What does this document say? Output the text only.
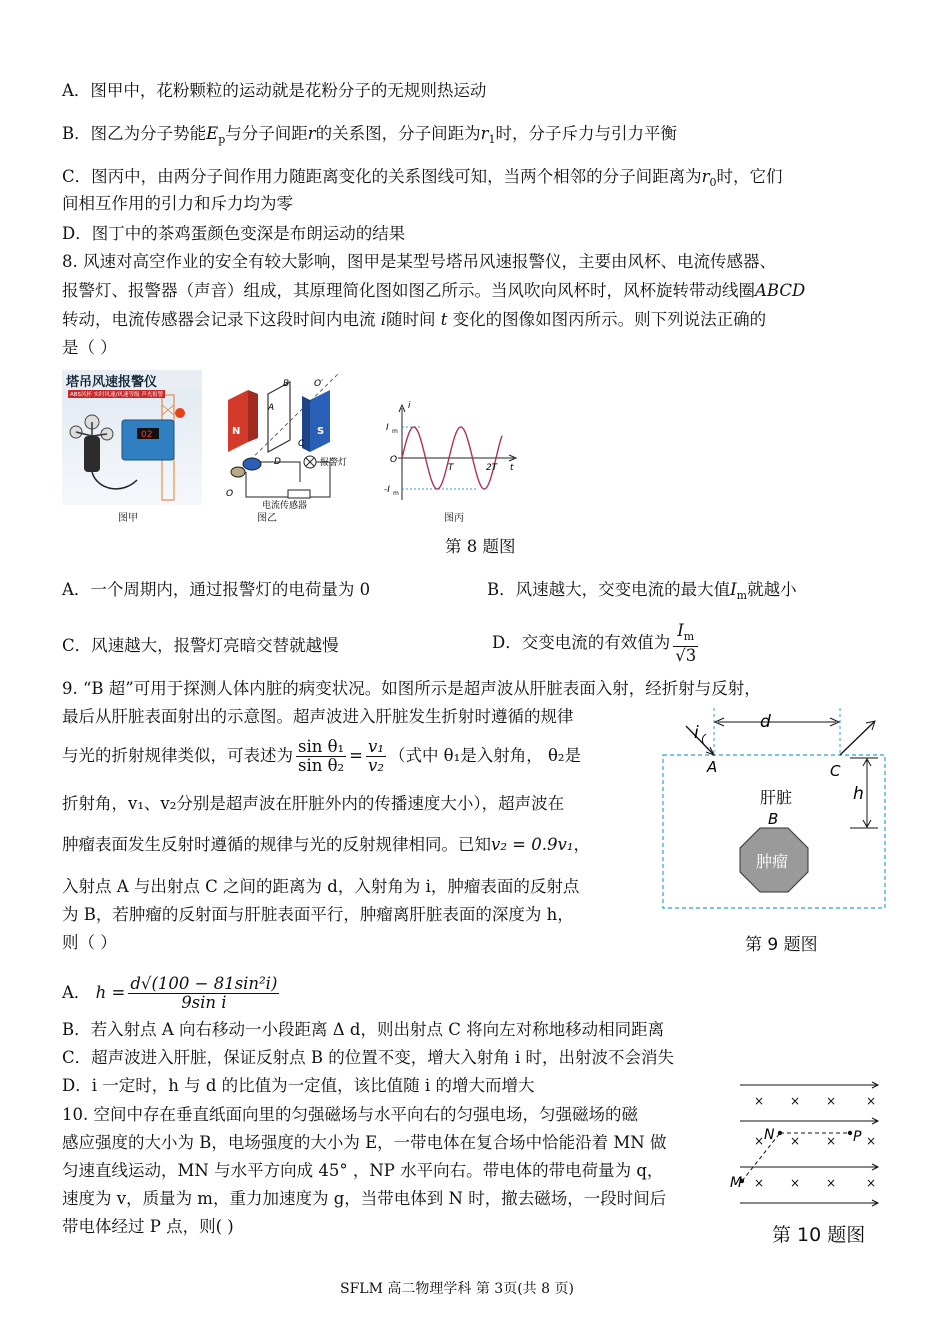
A．图甲中，花粉颗粒的运动就是花粉分子的无规则热运动
B．图乙为分子势能$E_p$与分子间距r的关系图，分子间距为$r_1$时，分子斥力与引力平衡
C．图丙中，由两分子间作用力随距离变化的关系图线可知，当两个相邻的分子间距离为$r_0$时，它们
间相互作用的引力和斥力均为零
D．图丁中的茶鸡蛋颜色变深是布朗运动的结果
8. 风速对高空作业的安全有较大影响，图甲是某型号塔吊风速报警仪，主要由风杯、电流传感器、
报警灯、报警器（声音）组成，其原理简化图如图乙所示。当风吹向风杯时，风杯旋转带动线圈ABCD
转动，电流传感器会记录下这段时间内电流 i随时间 t 变化的图像如图丙所示。则下列说法正确的
是（ ）
02
塔吊风速报警仪
ABS风杯 实时风速/风速等级 声光报警
图甲
N	S
A
B
C
D
O
O′
报警灯
电流传感器
图乙
i
I m
-I m
O
T	2T t
图丙
第 8 题图
A．一个周期内，通过报警灯的电荷量为 0	B．风速越大，交变电流的最大值$I_m$就越小
C．风速越大，报警灯亮暗交替就越慢	D．交变电流的有效值为 $\frac{I_m}{√3}$
9. “B 超”可用于探测人体内脏的病变状况。如图所示是超声波从肝脏表面入射，经折射与反射，
最后从肝脏表面射出的示意图。超声波进入肝脏发生折射时遵循的规律
与光的折射规律类似，可表述为 $\frac{\text{sin θ₁}}{\text{sin θ₂}} = \frac{\text{v₁}}{\text{v₂}}$ （式中 θ₁是入射角， θ₂是
折射角，v₁、v₂分别是超声波在肝脏外内的传播速度大小），超声波在
肿瘤表面发生反射时遵循的规律与光的反射规律相同。已知v₂ = 0.9v₁，
入射点 A 与出射点 C 之间的距离为 d，入射角为 i，肿瘤表面的反射点
为 B，若肿瘤的反射面与肝脏表面平行，肿瘤离肝脏表面的深度为 h，
则（ ）
d
i
A	C
h
B
肝脏
肿瘤
第 9 题图
A． $h = \frac{\text{d√(100 − 81sin²i)}}{\text{9sin i}}$
B．若入射点 A 向右移动一小段距离 Δ d，则出射点 C 将向左对称地移动相同距离
C．超声波进入肝脏，保证反射点 B 的位置不变，增大入射角 i 时，出射波不会消失
D．i 一定时，h 与 d 的比值为一定值，该比值随 i 的增大而增大
10. 空间中存在垂直纸面向里的匀强磁场与水平向右的匀强电场，匀强磁场的磁
感应强度的大小为 B，电场强度的大小为 E，一带电体在复合场中恰能沿着 MN 做
匀速直线运动，MN 与水平方向成 45° ，NP 水平向右。带电体的带电荷量为 q，
速度为 v，质量为 m，重力加速度为 g，当带电体到 N 时，撤去磁场，一段时间后
带电体经过 P 点，则( )
× × × ×
× × × ×
× × × ×
N	P
M
第 10 题图
SFLM 高二物理学科 第 3页(共 8 页)
